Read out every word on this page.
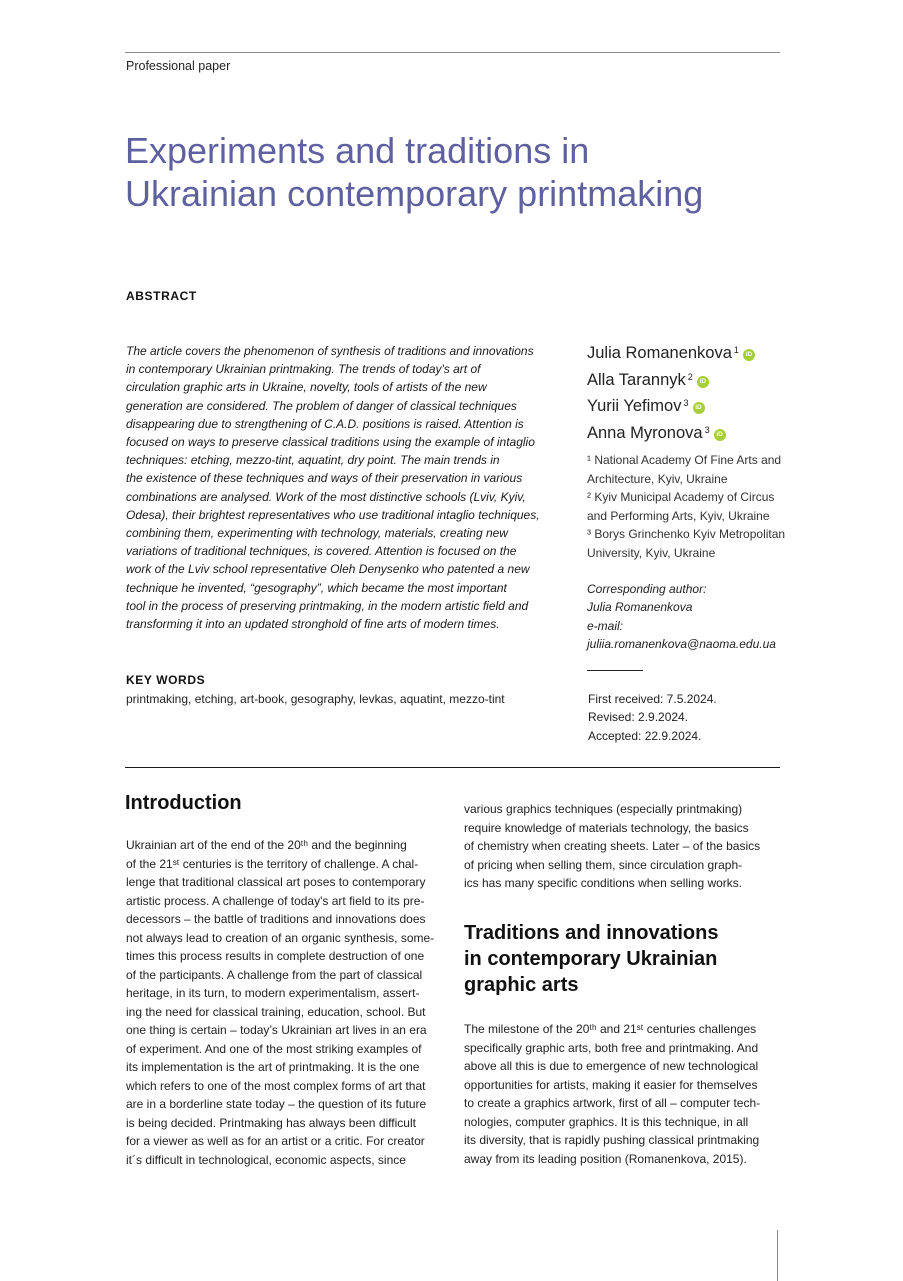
Professional paper
Experiments and traditions in
Ukrainian contemporary printmaking
ABSTRACT
The article covers the phenomenon of synthesis of traditions and innovations
in contemporary Ukrainian printmaking. The trends of today's art of
circulation graphic arts in Ukraine, novelty, tools of artists of the new
generation are considered. The problem of danger of classical techniques
disappearing due to strengthening of C.A.D. positions is raised. Attention is
focused on ways to preserve classical traditions using the example of intaglio
techniques: etching, mezzo-tint, aquatint, dry point. The main trends in
the existence of these techniques and ways of their preservation in various
combinations are analysed. Work of the most distinctive schools (Lviv, Kyiv,
Odesa), their brightest representatives who use traditional intaglio techniques,
combining them, experimenting with technology, materials, creating new
variations of traditional techniques, is covered. Attention is focused on the
work of the Lviv school representative Oleh Denysenko who patented a new
technique he invented, “gesography”, which became the most important
tool in the process of preserving printmaking, in the modern artistic field and
transforming it into an updated stronghold of fine arts of modern times.
KEY WORDS
printmaking, etching, art-book, gesography, levkas, aquatint, mezzo-tint
Julia Romanenkova $^1$ iD
Alla Tarannyk $^2$ iD
Yurii Yefimov $^3$ iD
Anna Myronova $^3$ iD
¹ National Academy Of Fine Arts and
Architecture, Kyiv, Ukraine
² Kyiv Municipal Academy of Circus
and Performing Arts, Kyiv, Ukraine
³ Borys Grinchenko Kyiv Metropolitan
University, Kyiv, Ukraine
Corresponding author:
Julia Romanenkova
e-mail:
juliia.romanenkova@naoma.edu.ua
First received: 7.5.2024.
Revised: 2.9.2024.
Accepted: 22.9.2024.
Introduction
Ukrainian art of the end of the 20ᵗʰ and the beginning
of the 21ˢᵗ centuries is the territory of challenge. A chal-
lenge that traditional classical art poses to contemporary
artistic process. A challenge of today's art field to its pre-
decessors – the battle of traditions and innovations does
not always lead to creation of an organic synthesis, some-
times this process results in complete destruction of one
of the participants. A challenge from the part of classical
heritage, in its turn, to modern experimentalism, assert-
ing the need for classical training, education, school. But
one thing is certain – today’s Ukrainian art lives in an era
of experiment. And one of the most striking examples of
its implementation is the art of printmaking. It is the one
which refers to one of the most complex forms of art that
are in a borderline state today – the question of its future
is being decided. Printmaking has always been difficult
for a viewer as well as for an artist or a critic. For creator
it´s difficult in technological, economic aspects, since
various graphics techniques (especially printmaking)
require knowledge of materials technology, the basics
of chemistry when creating sheets. Later – of the basics
of pricing when selling them, since circulation graph-
ics has many specific conditions when selling works.
Traditions and innovations
in contemporary Ukrainian
graphic arts
The milestone of the 20ᵗʰ and 21ˢᵗ centuries challenges
specifically graphic arts, both free and printmaking. And
above all this is due to emergence of new technological
opportunities for artists, making it easier for themselves
to create a graphics artwork, first of all – computer tech-
nologies, computer graphics. It is this technique, in all
its diversity, that is rapidly pushing classical printmaking
away from its leading position (Romanenkova, 2015).
